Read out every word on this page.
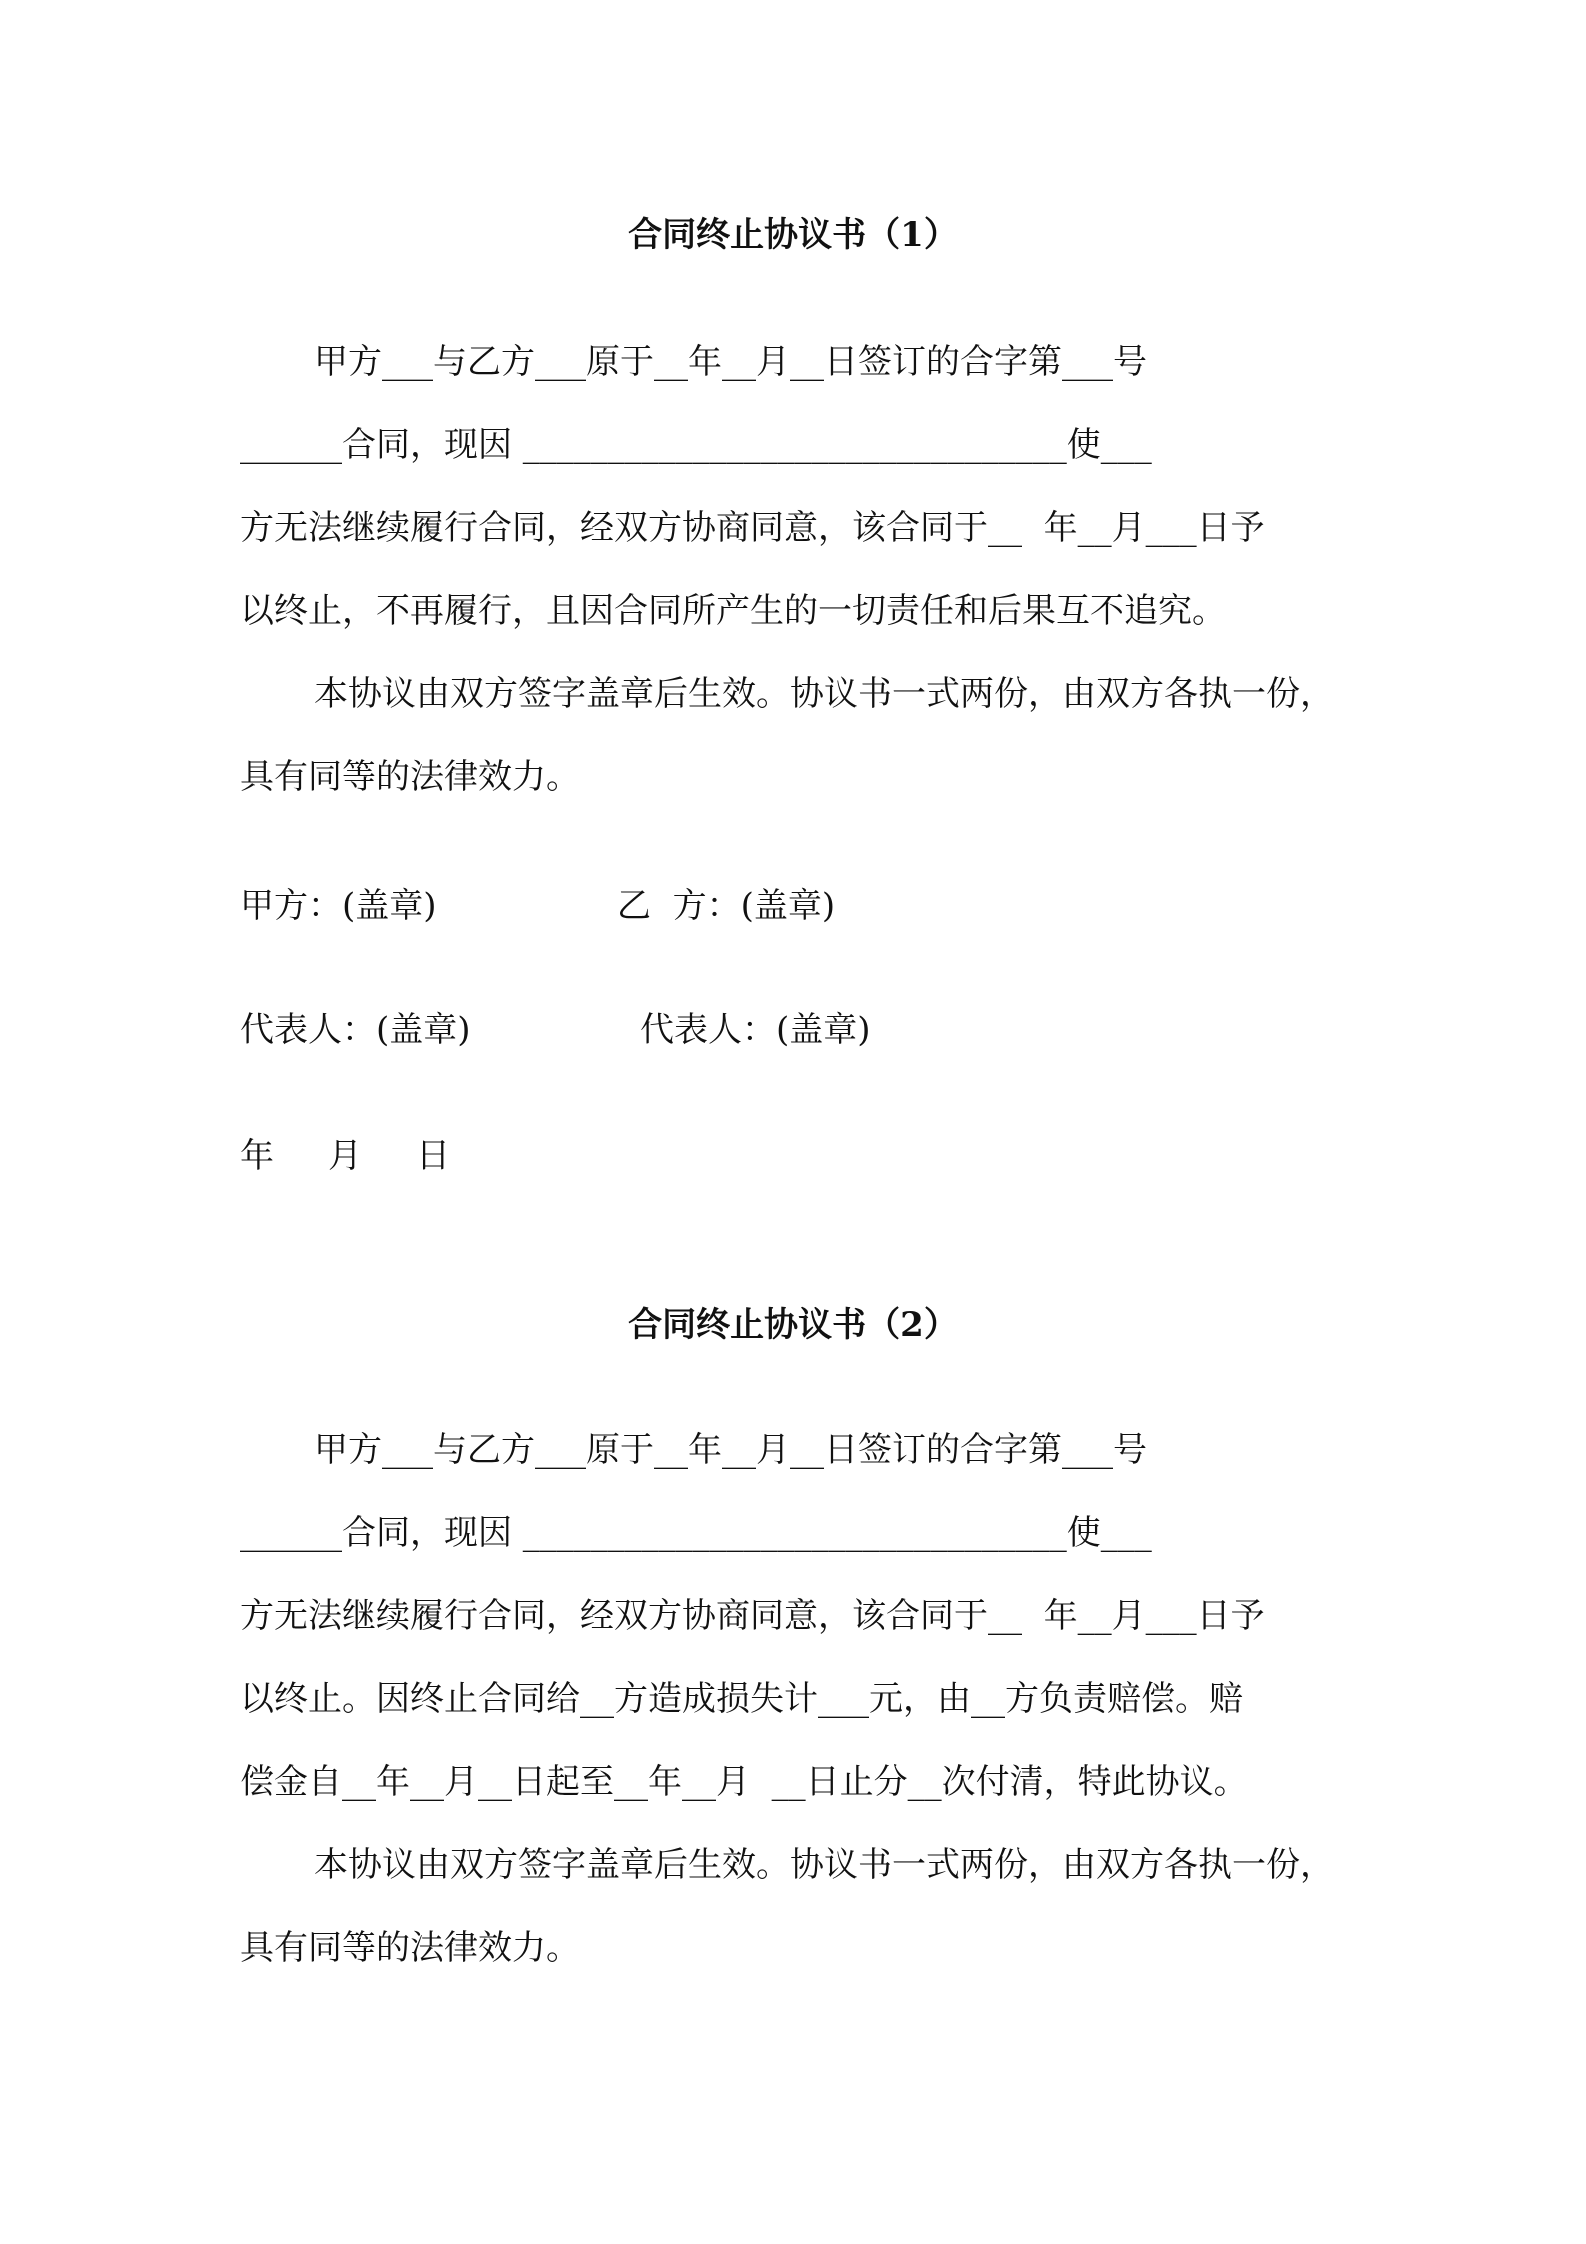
合同终止协议书（1）
甲方___与乙方___原于__年__月__日签订的合字第___号
______合同，现因 ________________________________使___
方无法继续履行合同，经双方协商同意，该合同于__  年__月___日予
以终止，不再履行，且因合同所产生的一切责任和后果互不追究。
本协议由双方签字盖章后生效。协议书一式两份，由双方各执一份，
具有同等的法律效力。
甲方：(盖章)	乙  方：(盖章)
代表人：(盖章)	代表人：(盖章)
年     月     日
合同终止协议书（2）
甲方___与乙方___原于__年__月__日签订的合字第___号
______合同，现因 ________________________________使___
方无法继续履行合同，经双方协商同意，该合同于__  年__月___日予
以终止。因终止合同给__方造成损失计___元，由__方负责赔偿。赔
偿金自__年__月__日起至__年__月  __日止分__次付清，特此协议。
本协议由双方签字盖章后生效。协议书一式两份，由双方各执一份，
具有同等的法律效力。
